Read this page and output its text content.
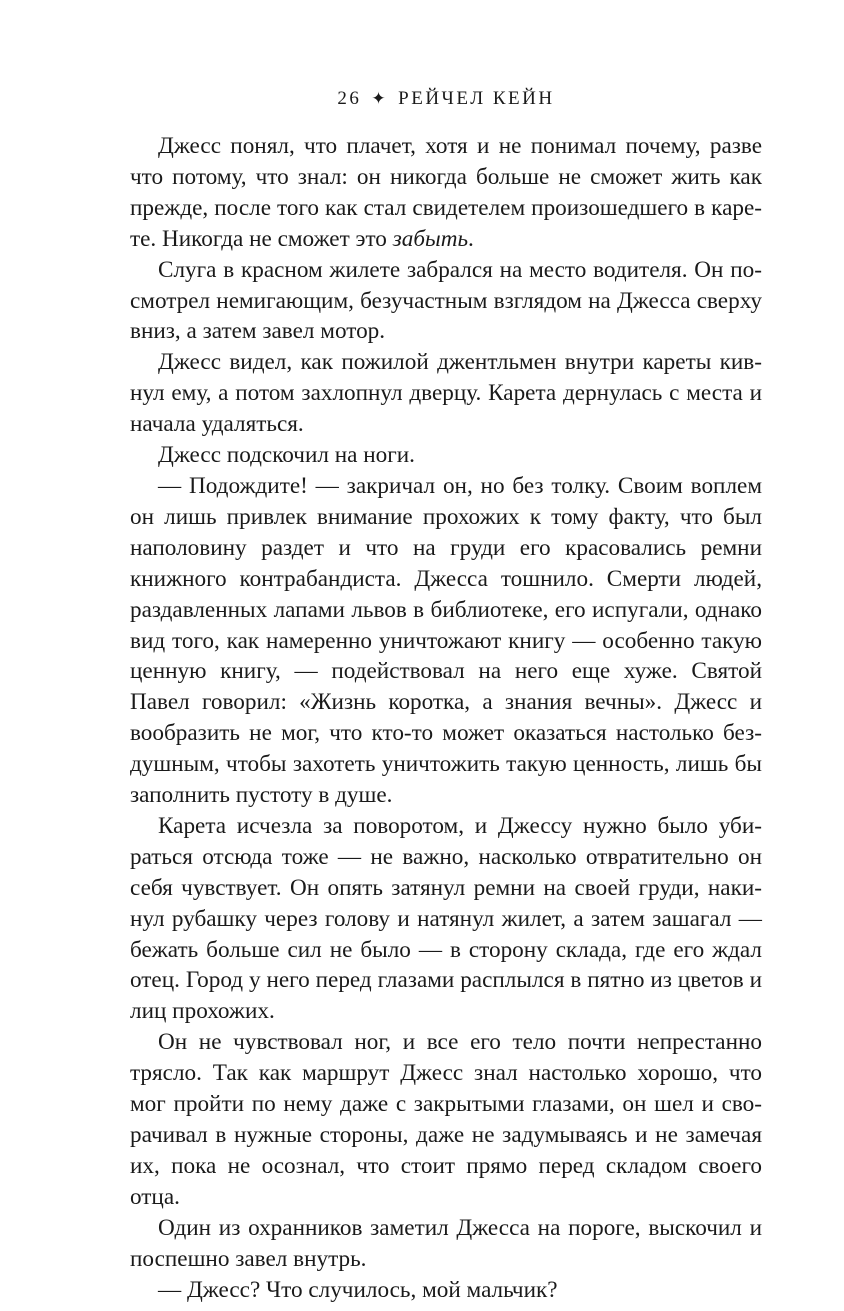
26 ✦ РЕЙЧЕЛ КЕЙН

Джесс понял, что плачет, хотя и не понимал почему, разве что потому, что знал: он никогда больше не сможет жить как прежде, после того как стал свидетелем произошедшего в карете. Никогда не сможет это забыть.

Слуга в красном жилете забрался на место водителя. Он посмотрел немигающим, безучастным взглядом на Джесса сверху вниз, а затем завел мотор.

Джесс видел, как пожилой джентльмен внутри кареты кивнул ему, а потом захлопнул дверцу. Карета дернулась с места и начала удаляться.

Джесс подскочил на ноги.

— Подождите! — закричал он, но без толку. Своим воплем он лишь привлек внимание прохожих к тому факту, что был наполовину раздет и что на груди его красовались ремни книжного контрабандиста. Джесса тошнило. Смерти людей, раздавленных лапами львов в библиотеке, его испугали, однако вид того, как намеренно уничтожают книгу — особенно такую ценную книгу, — подействовал на него еще хуже. Святой Павел говорил: «Жизнь коротка, а знания вечны». Джесс и вообразить не мог, что кто-то может оказаться настолько бездушным, чтобы захотеть уничтожить такую ценность, лишь бы заполнить пустоту в душе.

Карета исчезла за поворотом, и Джессу нужно было убираться отсюда тоже — не важно, насколько отвратительно он себя чувствует. Он опять затянул ремни на своей груди, накинул рубашку через голову и натянул жилет, а затем зашагал — бежать больше сил не было — в сторону склада, где его ждал отец. Город у него перед глазами расплылся в пятно из цветов и лиц прохожих.

Он не чувствовал ног, и все его тело почти непрестанно трясло. Так как маршрут Джесс знал настолько хорошо, что мог пройти по нему даже с закрытыми глазами, он шел и сворачивал в нужные стороны, даже не задумываясь и не замечая их, пока не осознал, что стоит прямо перед складом своего отца.

Один из охранников заметил Джесса на пороге, выскочил и поспешно завел внутрь.

— Джесс? Что случилось, мой мальчик?
